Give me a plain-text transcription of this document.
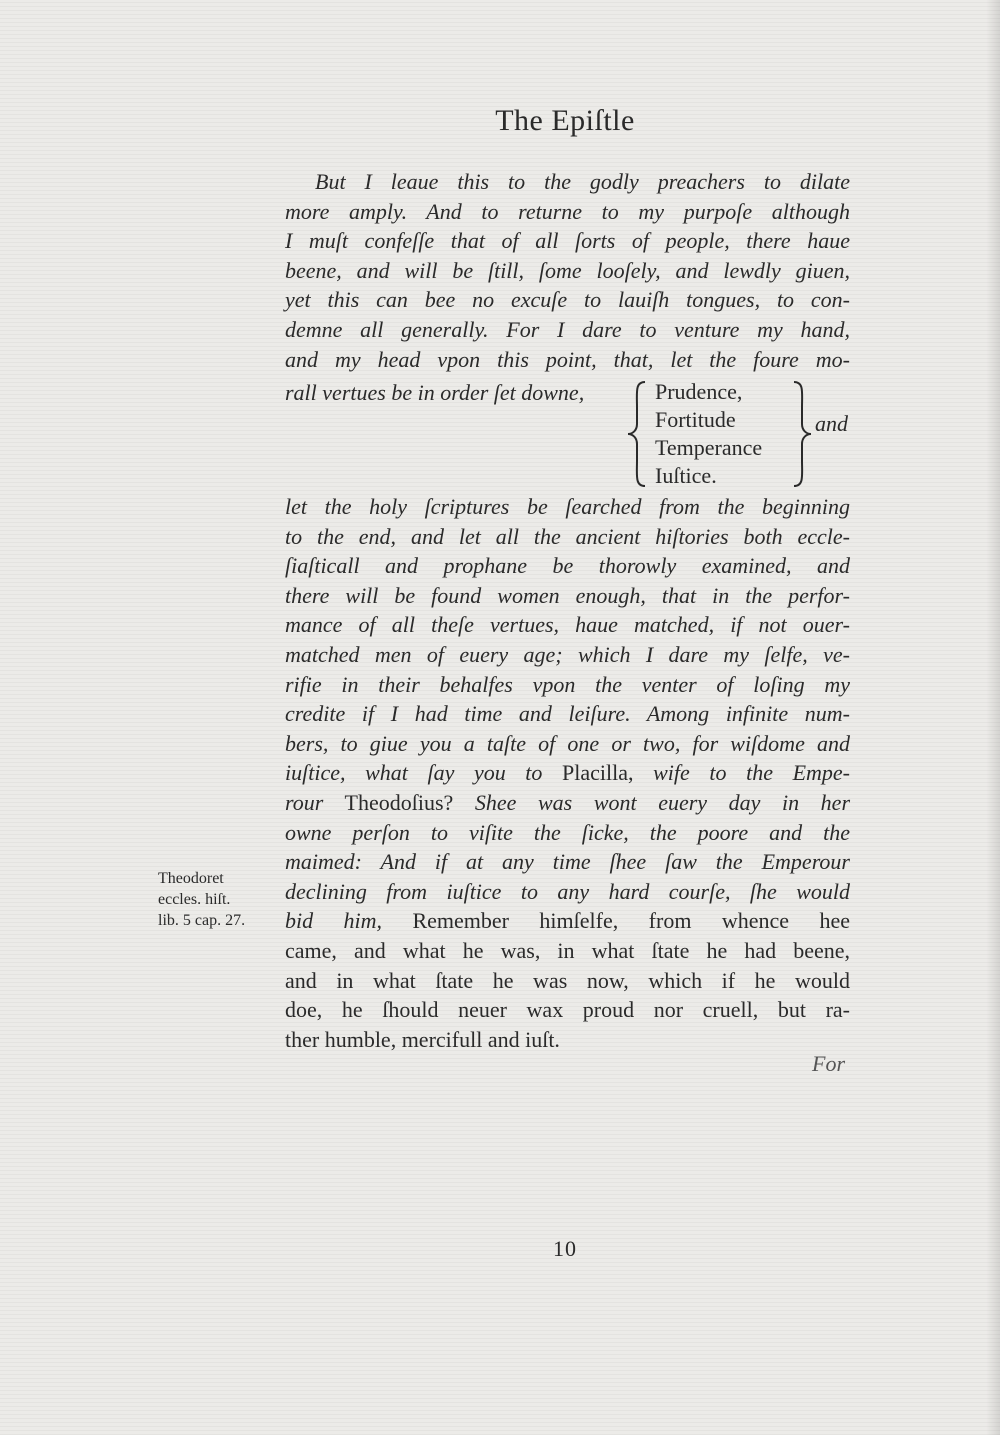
The Epiſtle
But I leaue this to the godly preachers to dilate
more amply. And to returne to my purpoſe although
I muſt confeſſe that of all ſorts of people, there haue
beene, and will be ſtill, ſome looſely, and lewdly giuen,
yet this can bee no excuſe to lauiſh tongues, to con-
demne all generally. For I dare to venture my hand,
and my head vpon this point, that, let the foure mo-
rall vertues be in order ſet downe,	Prudence,
Fortitude
Temperance
Iuſtice.
and
let the holy ſcriptures be ſearched from the beginning
to the end, and let all the ancient hiſtories both eccle-
ſiaſticall and prophane be thorowly examined, and
there will be found women enough, that in the perfor-
mance of all theſe vertues, haue matched, if not ouer-
matched men of euery age; which I dare my ſelfe, ve-
rifie in their behalfes vpon the venter of loſing my
credite if I had time and leiſure. Among infinite num-
bers, to giue you a taſte of one or two, for wiſdome and
iuſtice, what ſay you to Placilla, wife to the Empe-
rour Theodoſius? Shee was wont euery day in her
owne perſon to viſite the ſicke, the poore and the
maimed: And if at any time ſhee ſaw the Emperour
declining from iuſtice to any hard courſe, ſhe would
bid him, Remember himſelfe, from whence hee
came, and what he was, in what ſtate he had beene,
and in what ſtate he was now, which if he would
doe, he ſhould neuer wax proud nor cruell, but ra-
ther humble, mercifull and iuſt.
Theodoret
eccles. hiſt.
lib. 5 cap. 27.
For
10
